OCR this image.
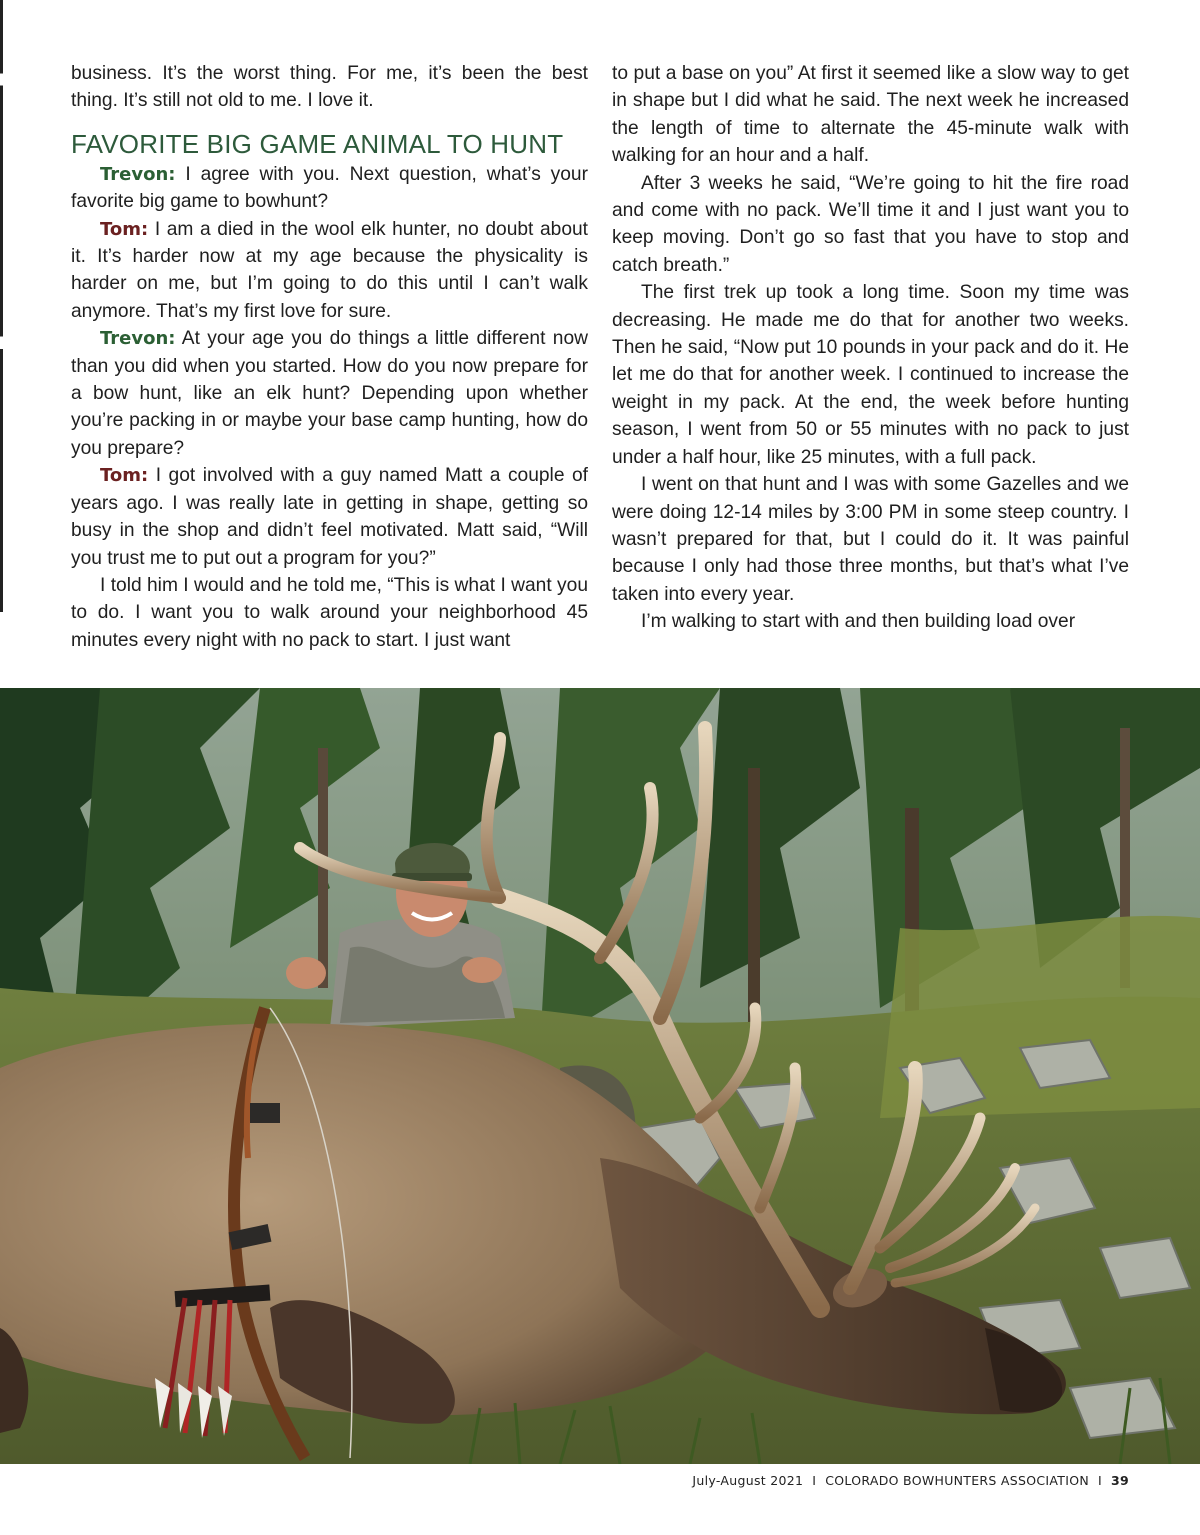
business. It’s the worst thing. For me, it’s been the best thing. It’s still not old to me. I love it.

FAVORITE BIG GAME ANIMAL TO HUNT

Trevon: I agree with you. Next question, what’s your favorite big game to bowhunt?

Tom: I am a died in the wool elk hunter, no doubt about it. It’s harder now at my age because the physicality is harder on me, but I’m going to do this until I can’t walk anymore. That’s my first love for sure.

Trevon: At your age you do things a little different now than you did when you started. How do you now prepare for a bow hunt, like an elk hunt? Depending upon whether you’re packing in or maybe your base camp hunting, how do you prepare?

Tom: I got involved with a guy named Matt a couple of years ago. I was really late in getting in shape, getting so busy in the shop and didn’t feel motivated. Matt said, “Will you trust me to put out a program for you?”

I told him I would and he told me, “This is what I want you to do. I want you to walk around your neighborhood 45 minutes every night with no pack to start. I just want

to put a base on you” At first it seemed like a slow way to get in shape but I did what he said. The next week he increased the length of time to alternate the 45-minute walk with walking for an hour and a half.

After 3 weeks he said, “We’re going to hit the fire road and come with no pack. We’ll time it and I just want you to keep moving. Don’t go so fast that you have to stop and catch breath.”

The first trek up took a long time. Soon my time was decreasing. He made me do that for another two weeks. Then he said, “Now put 10 pounds in your pack and do it. He let me do that for another week. I continued to increase the weight in my pack. At the end, the week before hunting season, I went from 50 or 55 minutes with no pack to just under a half hour, like 25 minutes, with a full pack.

I went on that hunt and I was with some Gazelles and we were doing 12-14 miles by 3:00 PM in some steep country. I wasn’t prepared for that, but I could do it. It was painful because I only had those three months, but that’s what I’ve taken into every year.

I’m walking to start with and then building load over

July-August 2021 I COLORADO BOWHUNTERS ASSOCIATION I 39
